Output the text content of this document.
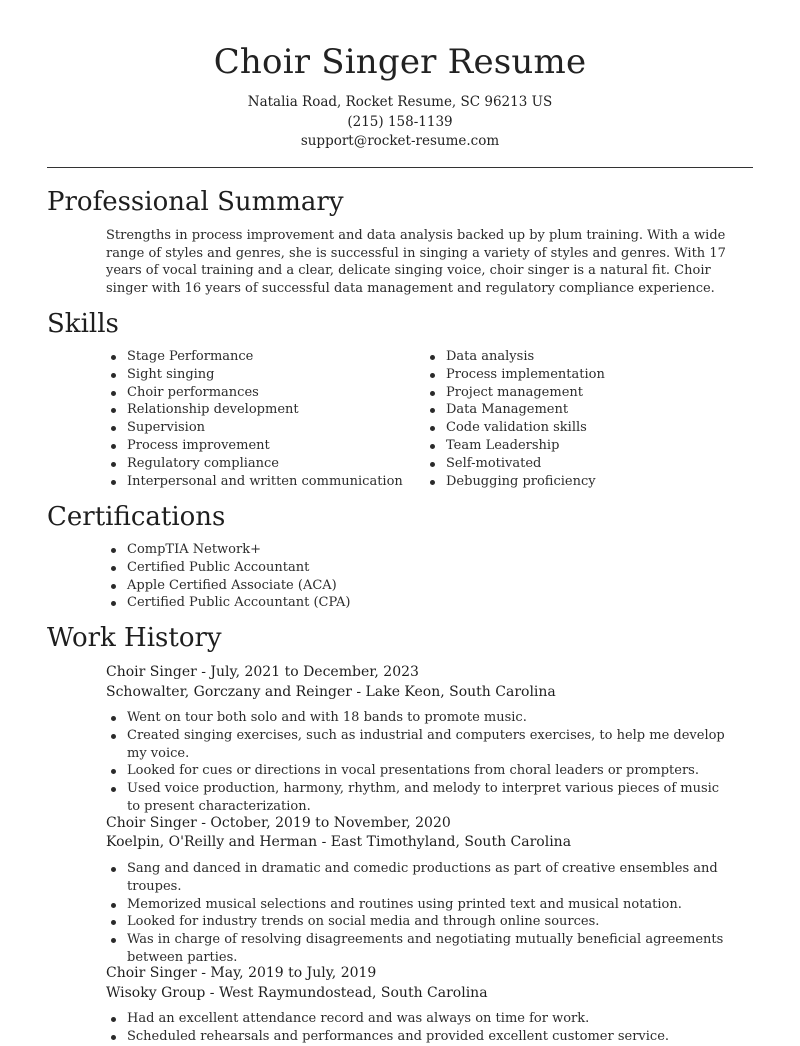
Choir Singer Resume
Natalia Road, Rocket Resume, SC 96213 US
(215) 158-1139
support@rocket-resume.com
Professional Summary

Strengths in process improvement and data analysis backed up by plum training. With a wide range of styles and genres, she is successful in singing a variety of styles and genres. With 17 years of vocal training and a clear, delicate singing voice, choir singer is a natural fit. Choir singer with 16 years of successful data management and regulatory compliance experience.

Skills
Stage Performance
Sight singing
Choir performances
Relationship development
Supervision
Process improvement
Regulatory compliance
Interpersonal and written communication
Data analysis
Process implementation
Project management
Data Management
Code validation skills
Team Leadership
Self-motivated
Debugging proficiency
Certifications
CompTIA Network+
Certified Public Accountant
Apple Certified Associate (ACA)
Certified Public Accountant (CPA)
Work History
Choir Singer - July, 2021 to December, 2023
Schowalter, Gorczany and Reinger - Lake Keon, South Carolina
Went on tour both solo and with 18 bands to promote music.
Created singing exercises, such as industrial and computers exercises, to help me develop my voice.
Looked for cues or directions in vocal presentations from choral leaders or prompters.
Used voice production, harmony, rhythm, and melody to interpret various pieces of music to present characterization.
Choir Singer - October, 2019 to November, 2020
Koelpin, O'Reilly and Herman - East Timothyland, South Carolina
Sang and danced in dramatic and comedic productions as part of creative ensembles and troupes.
Memorized musical selections and routines using printed text and musical notation.
Looked for industry trends on social media and through online sources.
Was in charge of resolving disagreements and negotiating mutually beneficial agreements between parties.
Choir Singer - May, 2019 to July, 2019
Wisoky Group - West Raymundostead, South Carolina
Had an excellent attendance record and was always on time for work.
Scheduled rehearsals and performances and provided excellent customer service.
